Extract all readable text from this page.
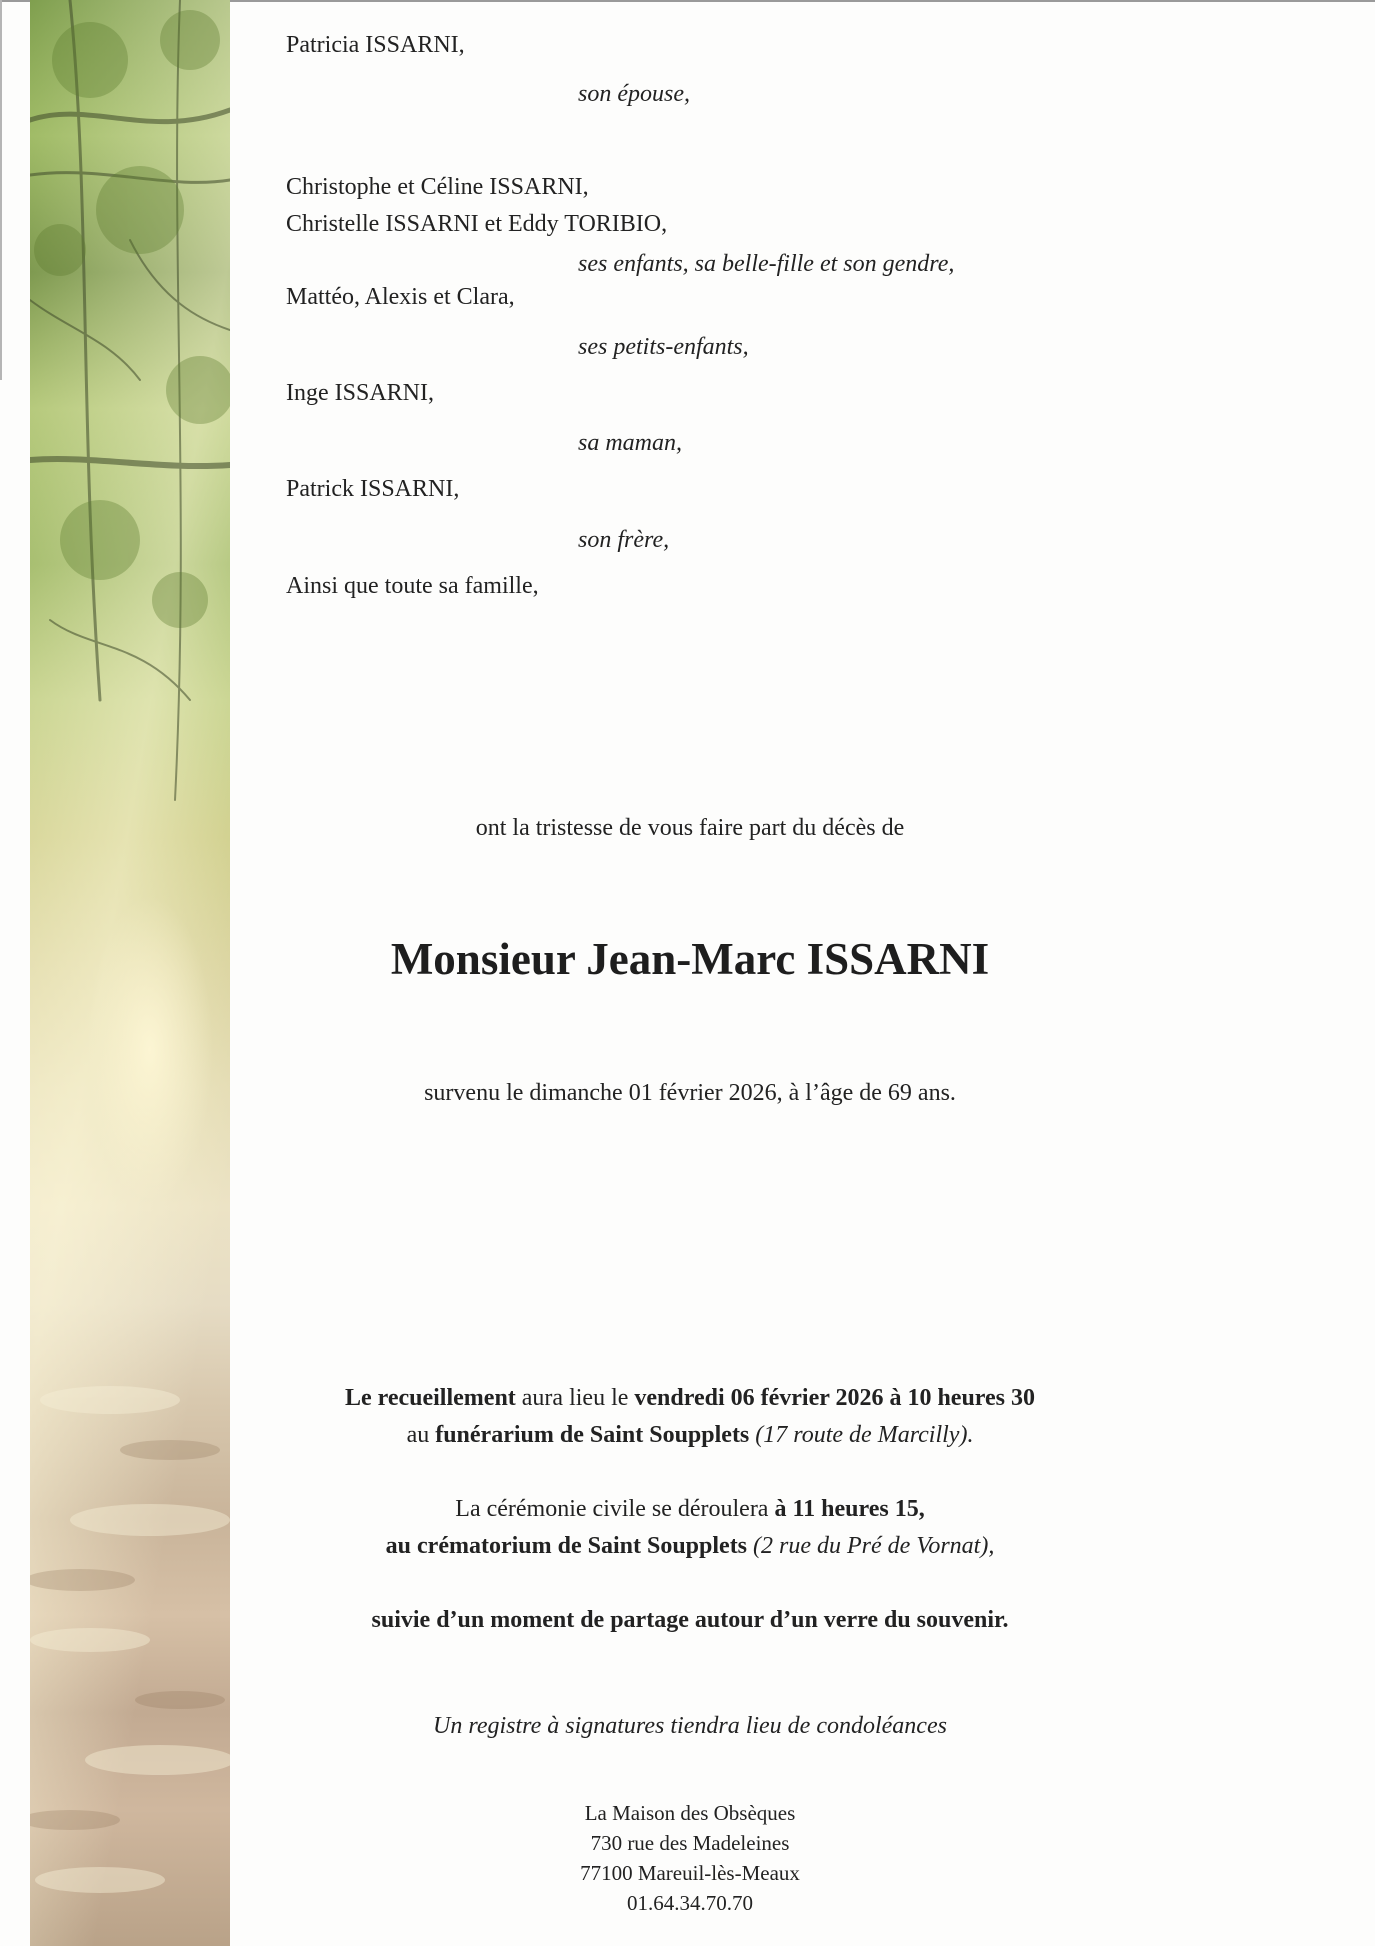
Patricia ISSARNI,

son épouse,

Christophe et Céline ISSARNI,

Christelle ISSARNI et Eddy TORIBIO,

ses enfants, sa belle-fille et son gendre,

Mattéo, Alexis et Clara,

ses petits-enfants,

Inge ISSARNI,

sa maman,

Patrick ISSARNI,

son frère,

Ainsi que toute sa famille,

ont la tristesse de vous faire part du décès de

Monsieur Jean-Marc ISSARNI

survenu le dimanche 01 février 2026, à l’âge de 69 ans.

Le recueillement aura lieu le vendredi 06 février 2026 à 10 heures 30

au funérarium de Saint Soupplets (17 route de Marcilly).

La cérémonie civile se déroulera à 11 heures 15,

au crématorium de Saint Soupplets (2 rue du Pré de Vornat),

suivie d’un moment de partage autour d’un verre du souvenir.

Un registre à signatures tiendra lieu de condoléances

La Maison des Obsèques

730 rue des Madeleines

77100 Mareuil-lès-Meaux

01.64.34.70.70
